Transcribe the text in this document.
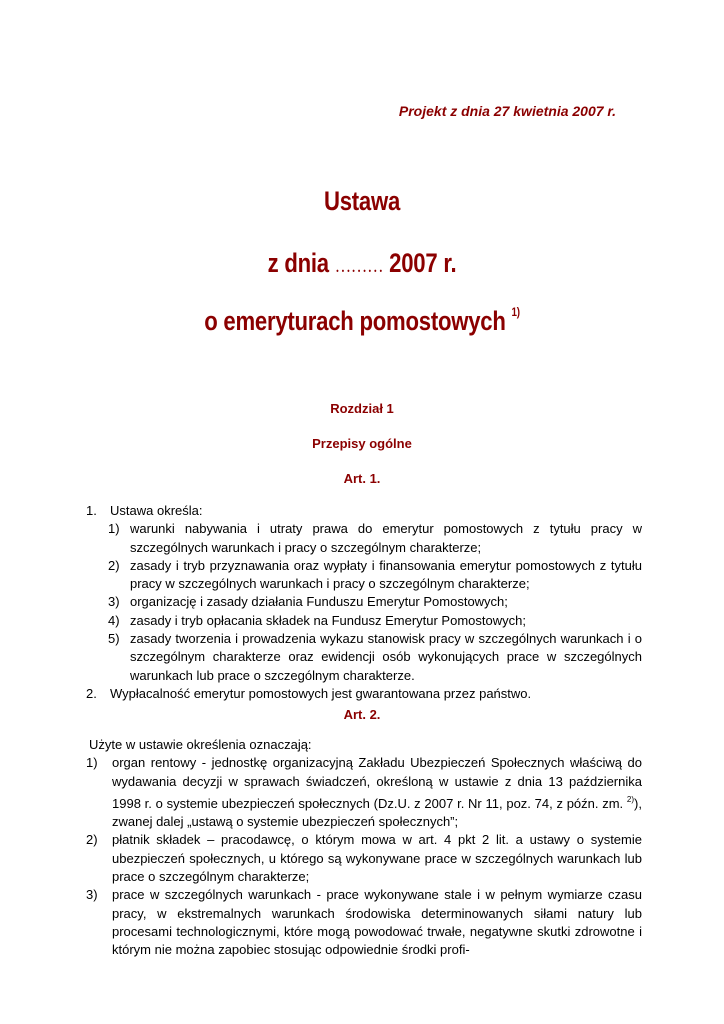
Projekt z dnia 27 kwietnia 2007 r.
Ustawa
z dnia ……… 2007 r.
o emeryturach pomostowych $^{1)}$
Rozdział 1
Przepisy ogólne
Art. 1.
1.	Ustawa określa:
1) warunki nabywania i utraty prawa do emerytur pomostowych z tytułu pracy w szczególnych warunkach i pracy o szczególnym charakterze;
2) zasady i tryb przyznawania oraz wypłaty i finansowania emerytur pomostowych z tytułu pracy w szczególnych warunkach i pracy o szczególnym charakterze;
3) organizację i zasady działania Funduszu Emerytur Pomostowych;
4) zasady i tryb opłacania składek na Fundusz Emerytur Pomostowych;
5) zasady tworzenia i prowadzenia wykazu stanowisk pracy w szczególnych warunkach i o szczególnym charakterze oraz ewidencji osób wykonujących prace w szczególnych warunkach lub prace o szczególnym charakterze.
2.	Wypłacalność emerytur pomostowych jest gwarantowana przez państwo.
Art. 2.
Użyte w ustawie określenia oznaczają:
1)	organ rentowy - jednostkę organizacyjną Zakładu Ubezpieczeń Społecznych właściwą do wydawania decyzji w sprawach świadczeń, określoną w ustawie z dnia 13 października 1998 r. o systemie ubezpieczeń społecznych (Dz.U. z 2007 r. Nr 11, poz. 74, z późn. zm. $^{2)}$), zwanej dalej „ustawą o systemie ubezpieczeń społecznych”;
2)	płatnik składek – pracodawcę, o którym mowa w art. 4 pkt 2 lit. a ustawy o systemie ubezpieczeń społecznych, u którego są wykonywane prace w szczególnych warunkach lub prace o szczególnym charakterze;
3)	prace w szczególnych warunkach - prace wykonywane stale i w pełnym wymiarze czasu pracy, w ekstremalnych warunkach środowiska determinowanych siłami natury lub procesami technologicznymi, które mogą powodować trwałe, negatywne skutki zdrowotne i którym nie można zapobiec stosując odpowiednie środki profi-
